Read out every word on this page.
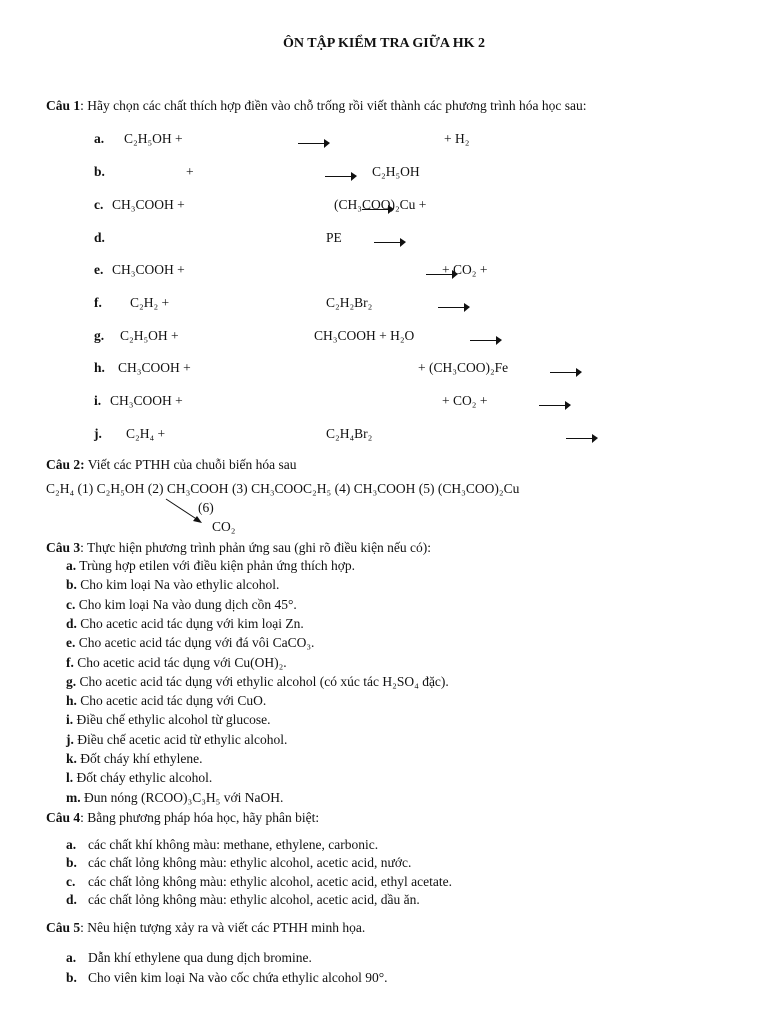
ÔN TẬP KIỂM TRA GIỮA HK 2
Câu 1: Hãy chọn các chất thích hợp điền vào chỗ trống rồi viết thành các phương trình hóa học sau:
a. C₂H₅OH +	+ H₂
b.	+	C₂H₅OH
c. CH₃COOH +	(CH₃COO)₂Cu +
d.	PE
e. CH₃COOH +	+ CO₂ +
f. C₂H₂ +	C₂H₂Br₂
g. C₂H₅OH +	CH₃COOH + H₂O
h. CH₃COOH +	+ (CH₃COO)₂Fe
i. CH₃COOH +	+ CO₂ +
j. C₂H₄ +	C₂H₄Br₂
Câu 2: Viết các PTHH của chuỗi biến hóa sau
C₂H₄ (1) C₂H₅OH (2) CH₃COOH (3) CH₃COOC₂H₅ (4) CH₃COOH (5) (CH₃COO)₂Cu
(6)
CO₂
Câu 3: Thực hiện phương trình phản ứng sau (ghi rõ điều kiện nếu có):
a. Trùng hợp etilen với điều kiện phản ứng thích hợp.
b. Cho kim loại Na vào ethylic alcohol.
c. Cho kim loại Na vào dung dịch cồn 45°.
d. Cho acetic acid tác dụng với kim loại Zn.
e. Cho acetic acid tác dụng với đá vôi CaCO₃.
f. Cho acetic acid tác dụng với Cu(OH)₂.
g. Cho acetic acid tác dụng với ethylic alcohol (có xúc tác H₂SO₄ đặc).
h. Cho acetic acid tác dụng với CuO.
i. Điều chế ethylic alcohol từ glucose.
j. Điều chế acetic acid từ ethylic alcohol.
k. Đốt cháy khí ethylene.
l. Đốt cháy ethylic alcohol.
m. Đun nóng (RCOO)₃C₃H₅ với NaOH.
Câu 4: Bằng phương pháp hóa học, hãy phân biệt:
a. các chất khí không màu: methane, ethylene, carbonic.
b. các chất lỏng không màu: ethylic alcohol, acetic acid, nước.
c. các chất lỏng không màu: ethylic alcohol, acetic acid, ethyl acetate.
d. các chất lỏng không màu: ethylic alcohol, acetic acid, dầu ăn.
Câu 5: Nêu hiện tượng xảy ra và viết các PTHH minh họa.
a. Dẫn khí ethylene qua dung dịch bromine.
b. Cho viên kim loại Na vào cốc chứa ethylic alcohol 90°.
